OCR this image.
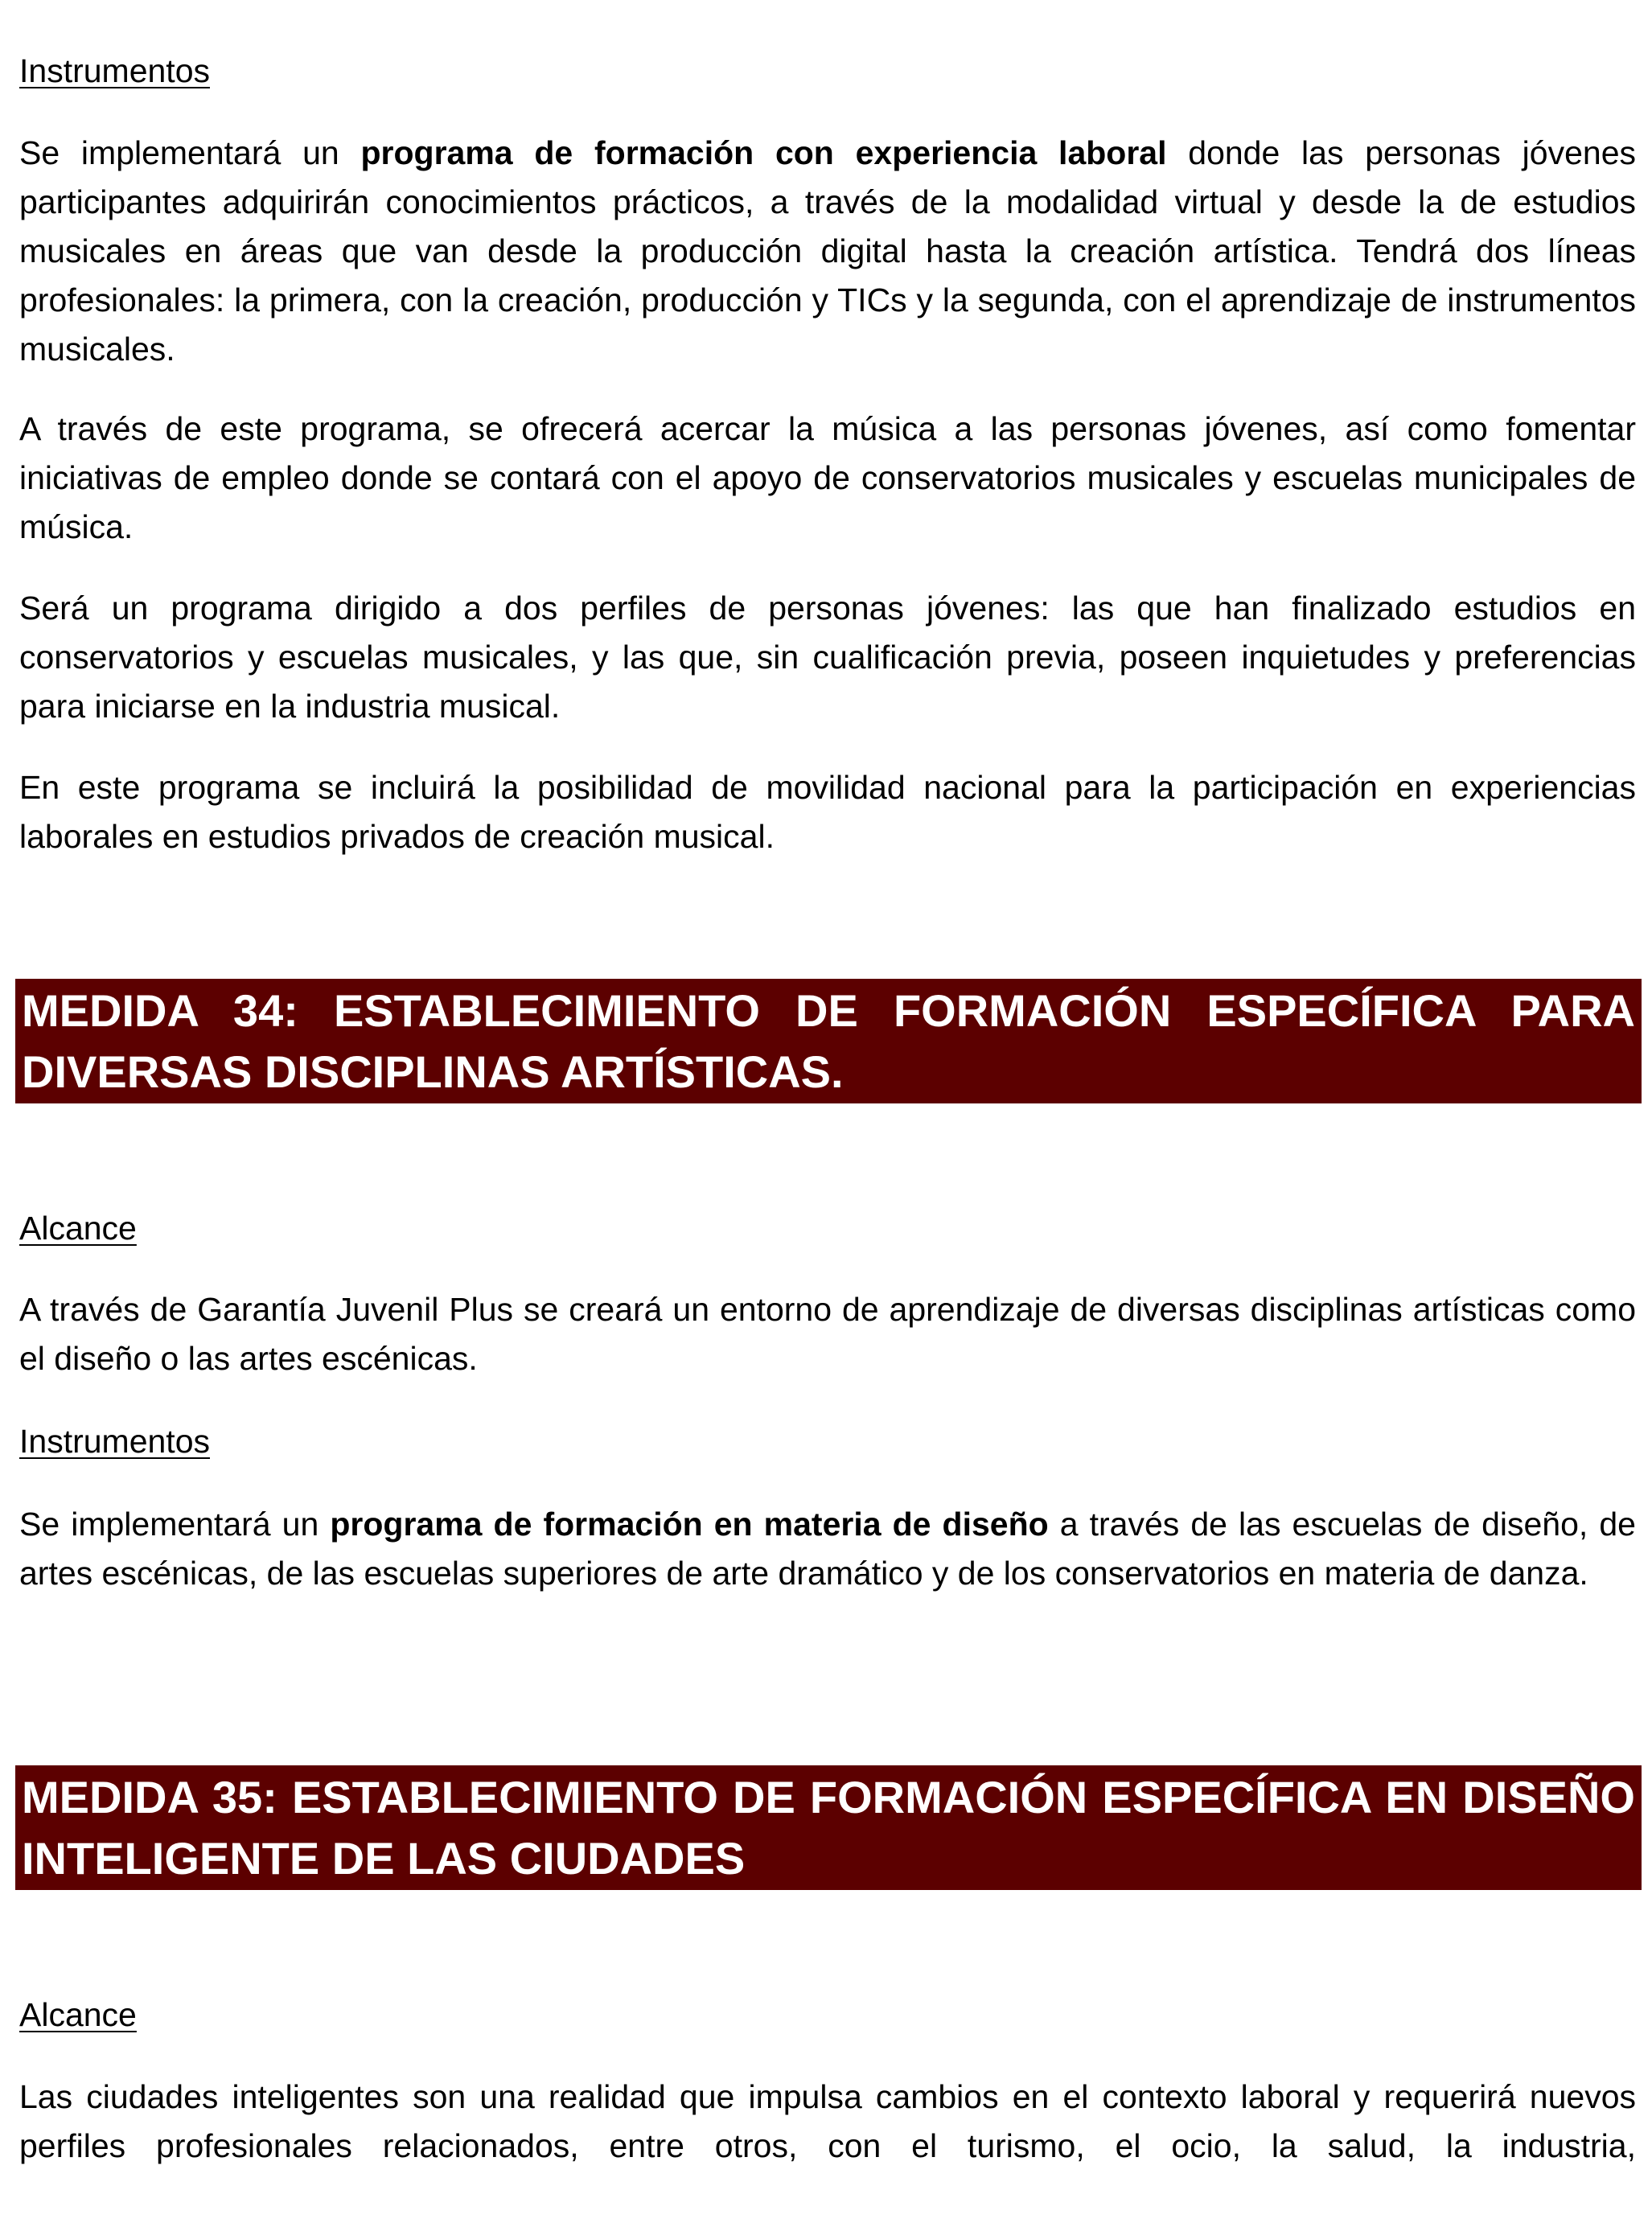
Instrumentos
Se implementará un programa de formación con experiencia laboral donde las personas jóvenes participantes adquirirán conocimientos prácticos, a través de la modalidad virtual y desde la de estudios musicales en áreas que van desde la producción digital hasta la creación artística. Tendrá dos líneas profesionales: la primera, con la creación, producción y TICs y la segunda, con el aprendizaje de instrumentos musicales.
A través de este programa, se ofrecerá acercar la música a las personas jóvenes, así como fomentar iniciativas de empleo donde se contará con el apoyo de conservatorios musicales y escuelas municipales de música.
Será un programa dirigido a dos perfiles de personas jóvenes: las que han finalizado estudios en conservatorios y escuelas musicales, y las que, sin cualificación previa, poseen inquietudes y preferencias para iniciarse en la industria musical.
En este programa se incluirá la posibilidad de movilidad nacional para la participación en experiencias laborales en estudios privados de creación musical.
MEDIDA 34: ESTABLECIMIENTO DE FORMACIÓN ESPECÍFICA PARA DIVERSAS DISCIPLINAS ARTÍSTICAS.
Alcance
A través de Garantía Juvenil Plus se creará un entorno de aprendizaje de diversas disciplinas artísticas como el diseño o las artes escénicas.
Instrumentos
Se implementará un programa de formación en materia de diseño a través de las escuelas de diseño, de artes escénicas, de las escuelas superiores de arte dramático y de los conservatorios en materia de danza.
MEDIDA 35: ESTABLECIMIENTO DE FORMACIÓN ESPECÍFICA EN DISEÑO INTELIGENTE DE LAS CIUDADES
Alcance
Las ciudades inteligentes son una realidad que impulsa cambios en el contexto laboral y requerirá nuevos perfiles profesionales relacionados, entre otros, con el turismo, el ocio, la salud, la industria,
